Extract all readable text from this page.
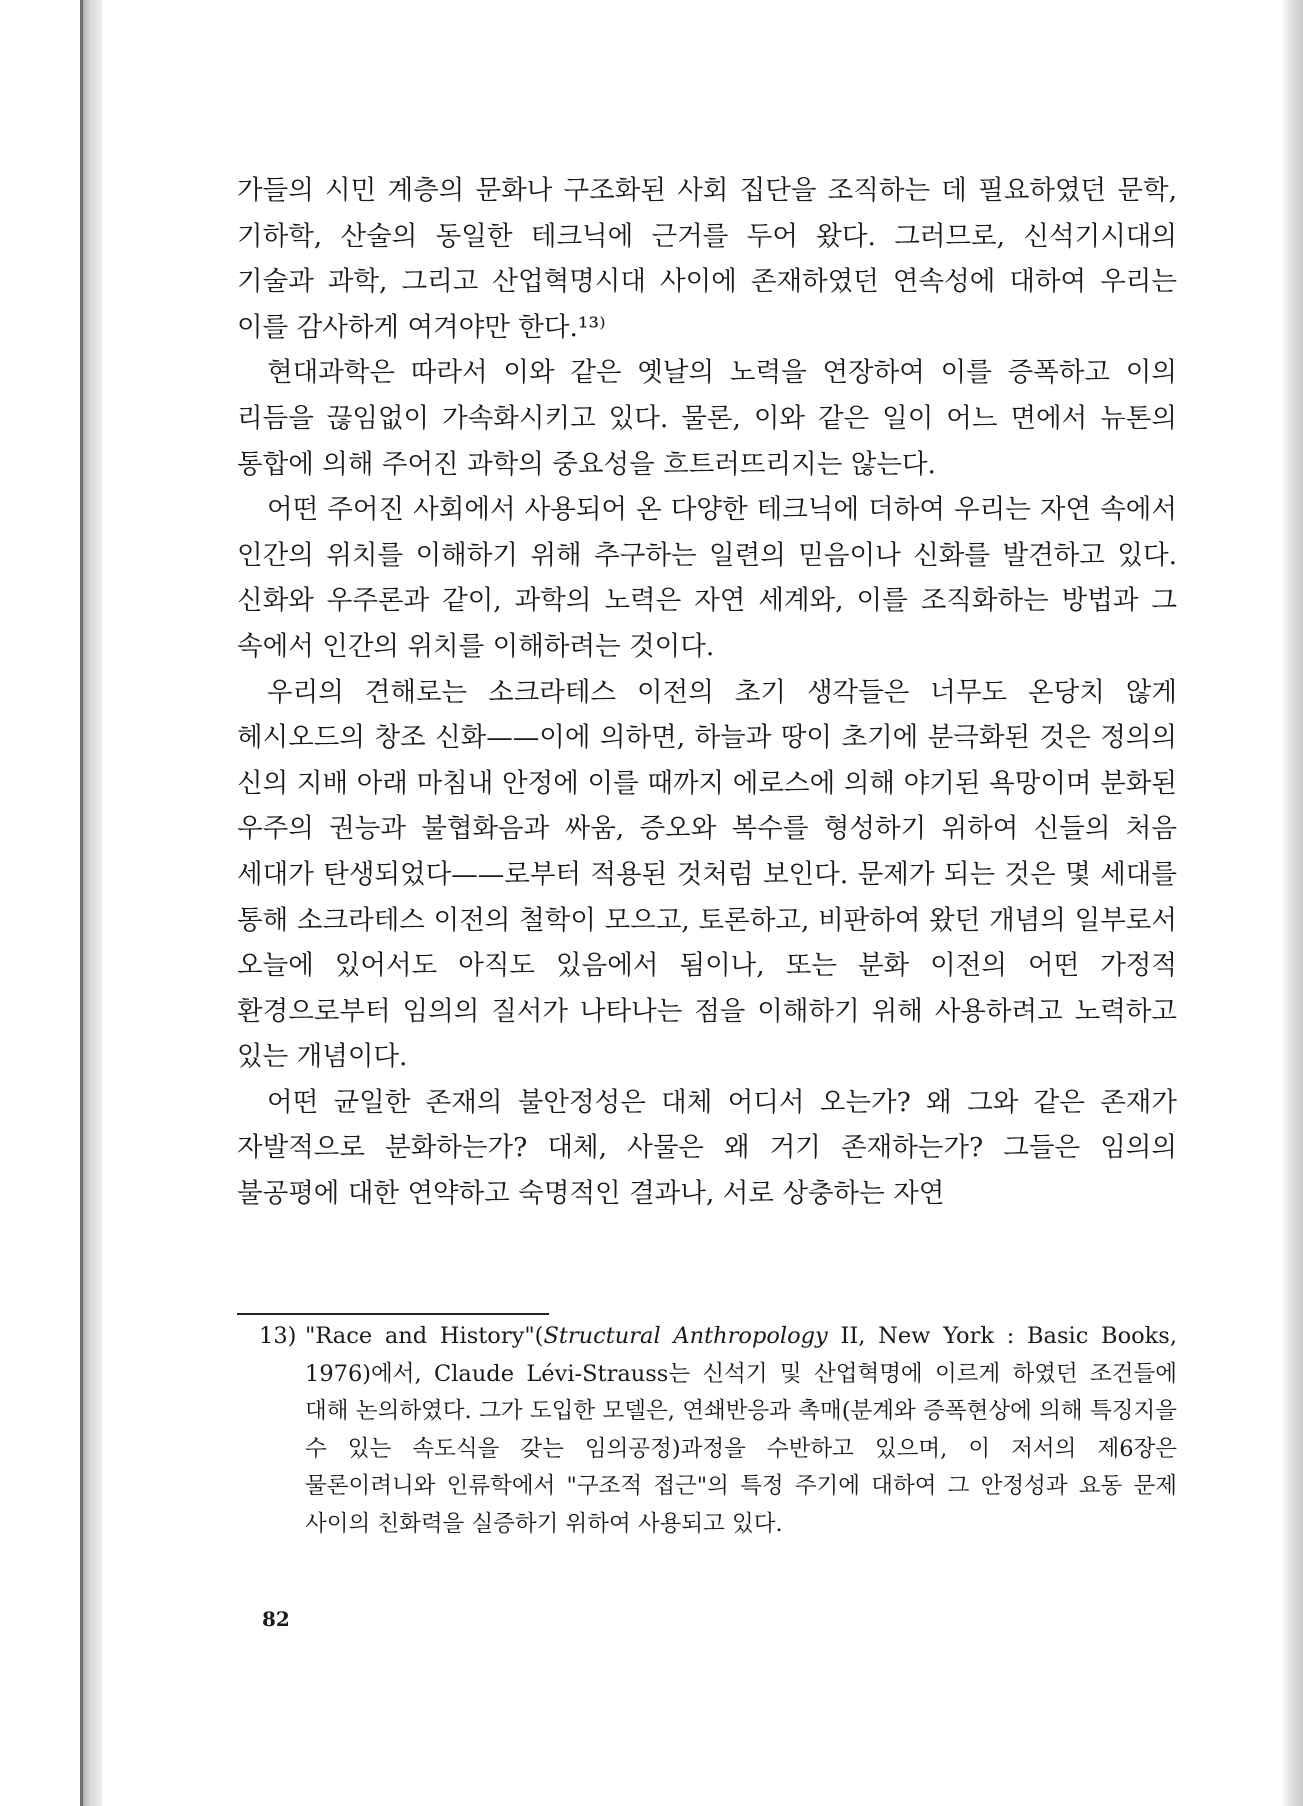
가들의 시민 계층의 문화나 구조화된 사회 집단을 조직하는 데 필요하였던 문학, 기하학, 산술의 동일한 테크닉에 근거를 두어 왔다. 그러므로, 신석기시대의 기술과 과학, 그리고 산업혁명시대 사이에 존재하였던 연속성에 대하여 우리는 이를 감사하게 여겨야만 한다.¹³⁾

현대과학은 따라서 이와 같은 옛날의 노력을 연장하여 이를 증폭하고 이의 리듬을 끊임없이 가속화시키고 있다. 물론, 이와 같은 일이 어느 면에서 뉴톤의 통합에 의해 주어진 과학의 중요성을 흐트러뜨리지는 않는다.

어떤 주어진 사회에서 사용되어 온 다양한 테크닉에 더하여 우리는 자연 속에서 인간의 위치를 이해하기 위해 추구하는 일련의 믿음이나 신화를 발견하고 있다. 신화와 우주론과 같이, 과학의 노력은 자연 세계와, 이를 조직화하는 방법과 그 속에서 인간의 위치를 이해하려는 것이다.

우리의 견해로는 소크라테스 이전의 초기 생각들은 너무도 온당치 않게 헤시오드의 창조 신화——이에 의하면, 하늘과 땅이 초기에 분극화된 것은 정의의 신의 지배 아래 마침내 안정에 이를 때까지 에로스에 의해 야기된 욕망이며 분화된 우주의 권능과 불협화음과 싸움, 증오와 복수를 형성하기 위하여 신들의 처음 세대가 탄생되었다——로부터 적용된 것처럼 보인다. 문제가 되는 것은 몇 세대를 통해 소크라테스 이전의 철학이 모으고, 토론하고, 비판하여 왔던 개념의 일부로서 오늘에 있어서도 아직도 있음에서 됨이나, 또는 분화 이전의 어떤 가정적 환경으로부터 임의의 질서가 나타나는 점을 이해하기 위해 사용하려고 노력하고 있는 개념이다.

어떤 균일한 존재의 불안정성은 대체 어디서 오는가? 왜 그와 같은 존재가 자발적으로 분화하는가? 대체, 사물은 왜 거기 존재하는가? 그들은 임의의 불공평에 대한 연약하고 숙명적인 결과나, 서로 상충하는 자연

13) "Race and History"(Structural Anthropology II, New York : Basic Books, 1976)에서, Claude Lévi-Strauss는 신석기 및 산업혁명에 이르게 하였던 조건들에 대해 논의하였다. 그가 도입한 모델은, 연쇄반응과 촉매(분계와 증폭현상에 의해 특징지을 수 있는 속도식을 갖는 임의공정)과정을 수반하고 있으며, 이 저서의 제6장은 물론이려니와 인류학에서 "구조적 접근"의 특정 주기에 대하여 그 안정성과 요동 문제 사이의 친화력을 실증하기 위하여 사용되고 있다.
82
